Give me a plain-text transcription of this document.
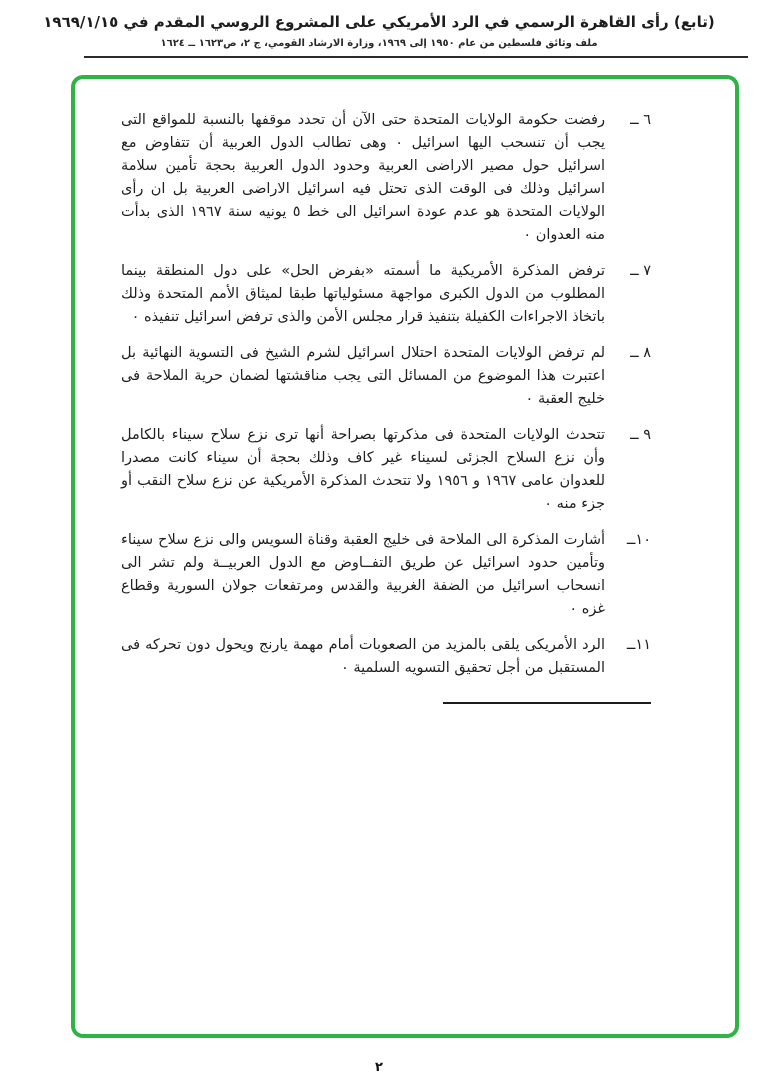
(تابع) رأى القاهرة الرسمي في الرد الأمريكي على المشروع الروسي المقدم في ١٩٦٩/١/١٥
ملف وثائق فلسطين من عام ١٩٥٠ إلى ١٩٦٩، وزارة الارشاد القومي، ج ٢، ص١٦٢٣ ــ ١٦٢٤
٦ ــ
رفضت حكومة الولايات المتحدة حتى الآن أن تحدد موقفها بالنسبة للمواقع التى يجب أن تنسحب اليها اسرائيل ٠ وهى تطالب الدول العربية أن تتفاوض مع اسرائيل حول مصير الاراضى العربية وحدود الدول العربية بحجة تأمين سلامة اسرائيل وذلك فى الوقت الذى تحتل فيه اسرائيل الاراضى العربية بل ان رأى الولايات المتحدة هو عدم عودة اسرائيل الى خط ٥ يونيه سنة ١٩٦٧ الذى بدأت منه العدوان ٠
٧ ــ
ترفض المذكرة الأمريكية ما أسمته «بفرض الحل» على دول المنطقة بينما المطلوب من الدول الكبرى مواجهة مسئولياتها طبقا لميثاق الأمم المتحدة وذلك باتخاذ الاجراءات الكفيلة بتنفيذ قرار مجلس الأمن والذى ترفض اسرائيل تنفيذه ٠
٨ ــ
لم ترفض الولايات المتحدة احتلال اسرائيل لشرم الشيخ فى التسوية النهائية بل اعتبرت هذا الموضوع من المسائل التى يجب مناقشتها لضمان حرية الملاحة فى خليج العقبة ٠
٩ ــ
تتحدث الولايات المتحدة فى مذكرتها بصراحة أنها ترى نزع سلاح سيناء بالكامل وأن نزع السلاح الجزئى لسيناء غير كاف وذلك بحجة أن سيناء كانت مصدرا للعدوان عامى ١٩٦٧ و ١٩٥٦ ولا تتحدث المذكرة الأمريكية عن نزع سلاح النقب أو جزء منه ٠
١٠ــ
أشارت المذكرة الى الملاحة فى خليج العقبة وقناة السويس والى نزع سلاح سيناء وتأمين حدود اسرائيل عن طريق التفــاوض مع الدول العربيــة ولم تشر الى انسحاب اسرائيل من الضفة الغربية والقدس ومرتفعات جولان السورية وقطاع غزه ٠
١١ــ
الرد الأمريكى يلقى بالمزيد من الصعوبات أمام مهمة يارنج ويحول دون تحركه فى المستقبل من أجل تحقيق التسويه السلمية ٠
٢
